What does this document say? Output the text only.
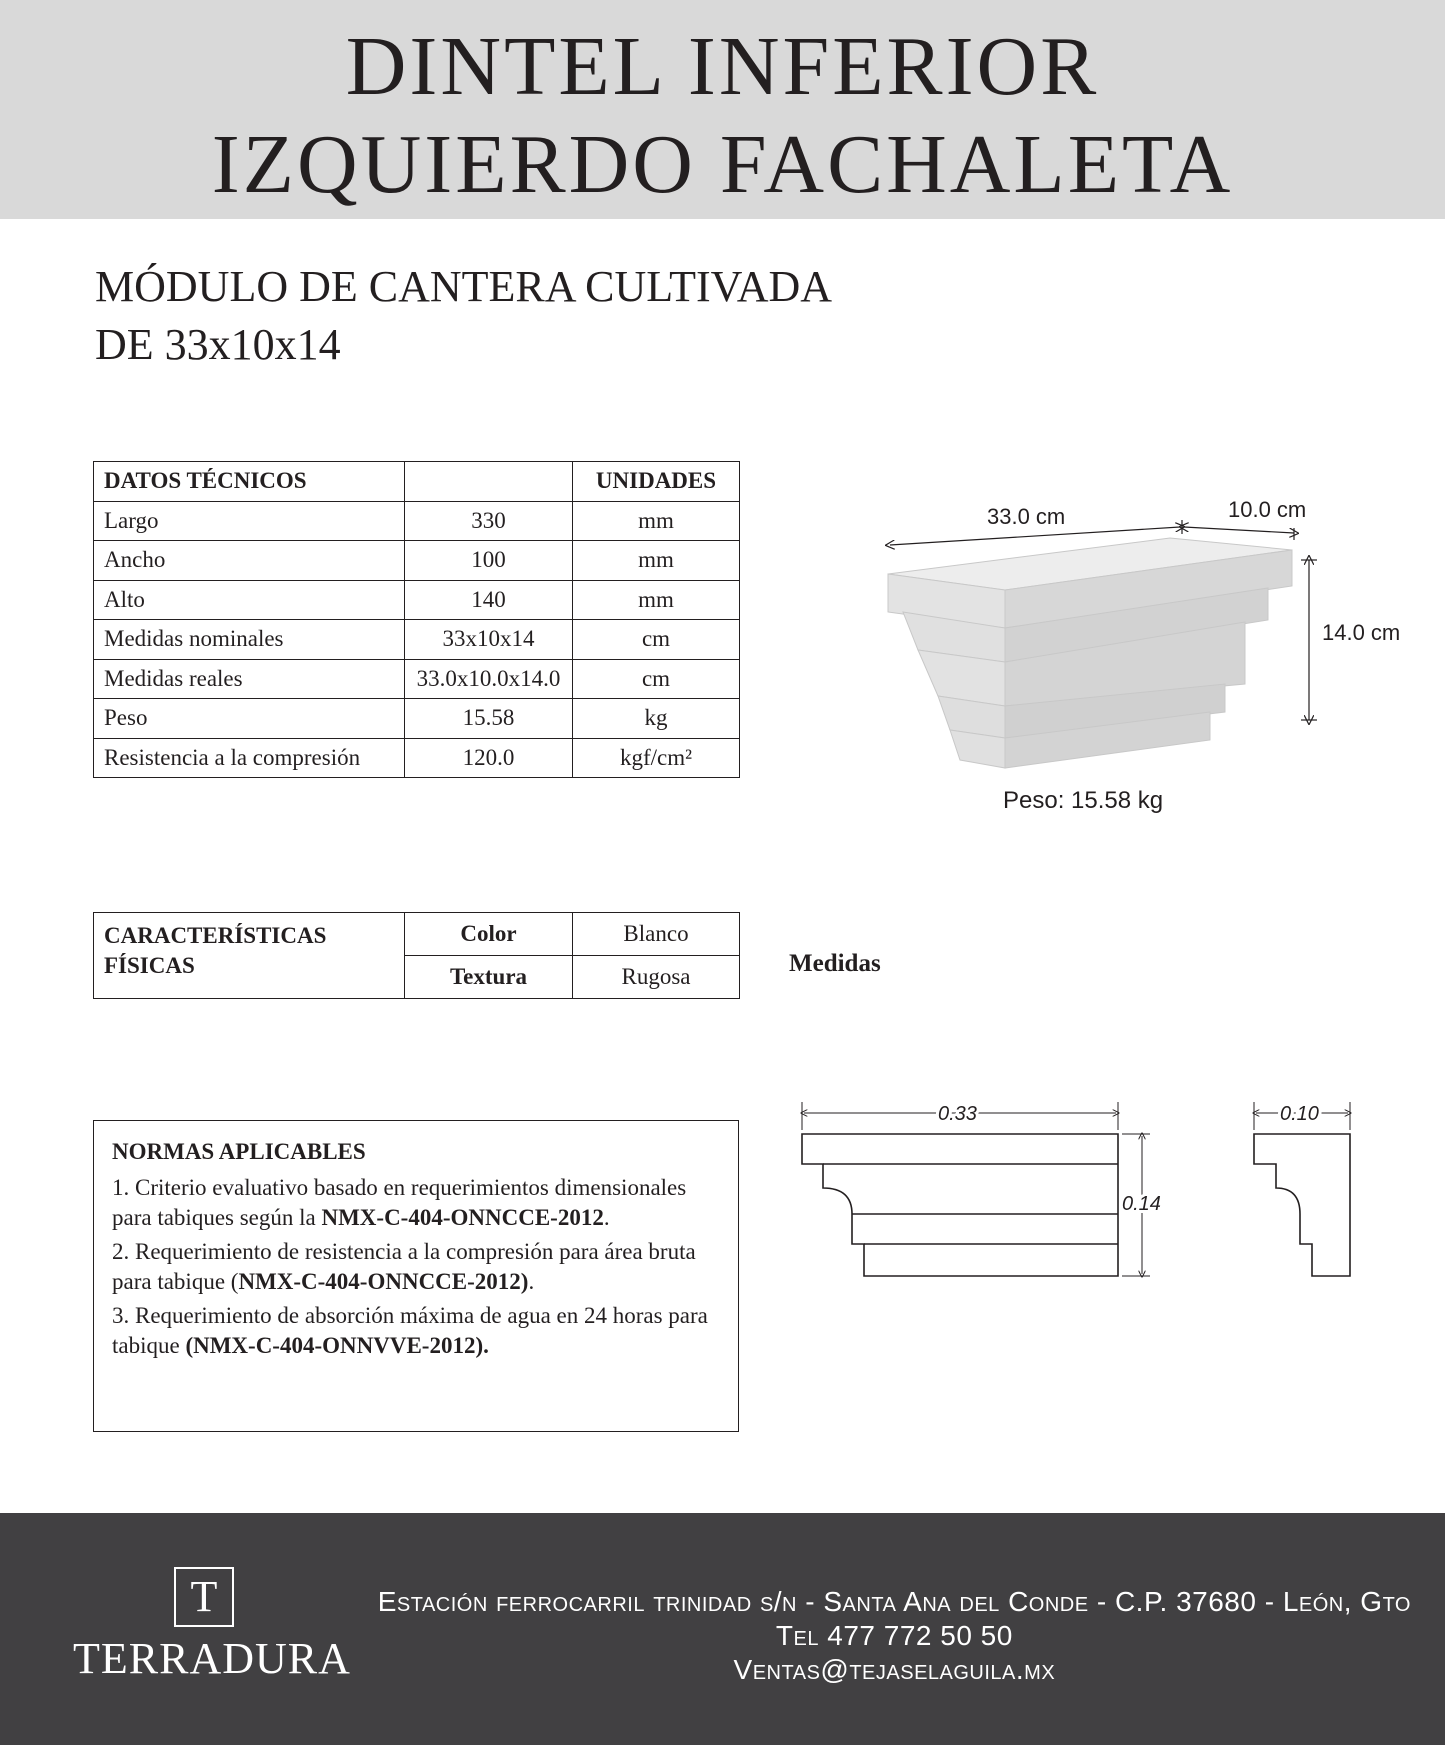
DINTEL INFERIOR
IZQUIERDO FACHALETA
MÓDULO DE CANTERA CULTIVADA
DE 33x10x14
DATOS TÉCNICOS		UNIDADES
Largo	330	mm
Ancho	100	mm
Alto	140	mm
Medidas nominales	33x10x14	cm
Medidas reales	33.0x10.0x14.0	cm
Peso	15.58	kg
Resistencia a la compresión	120.0	kgf/cm²
33.0 cm	10.0 cm
14.0 cm
Peso: 15.58 kg
CARACTERÍSTICAS
FÍSICAS	Color	Blanco
	Textura	Rugosa	Medidas
0.33
0.14
0.10

NORMAS APLICABLES

1. Criterio evaluativo basado en requerimientos dimensionales para tabiques según la NMX-C-404-ONNCCE-2012.

2. Requerimiento de resistencia a la compresión para área bruta para tabique (NMX-C-404-ONNCCE-2012).

3. Requerimiento de absorción máxima de agua en 24 horas para tabique (NMX-C-404-ONNVVE-2012).

T
TERRADURA
Estación ferrocarril trinidad s/n - Santa Ana del Conde - C.P. 37680 - León, Gto
Tel 477 772 50 50
Ventas@tejaselaguila.mx
